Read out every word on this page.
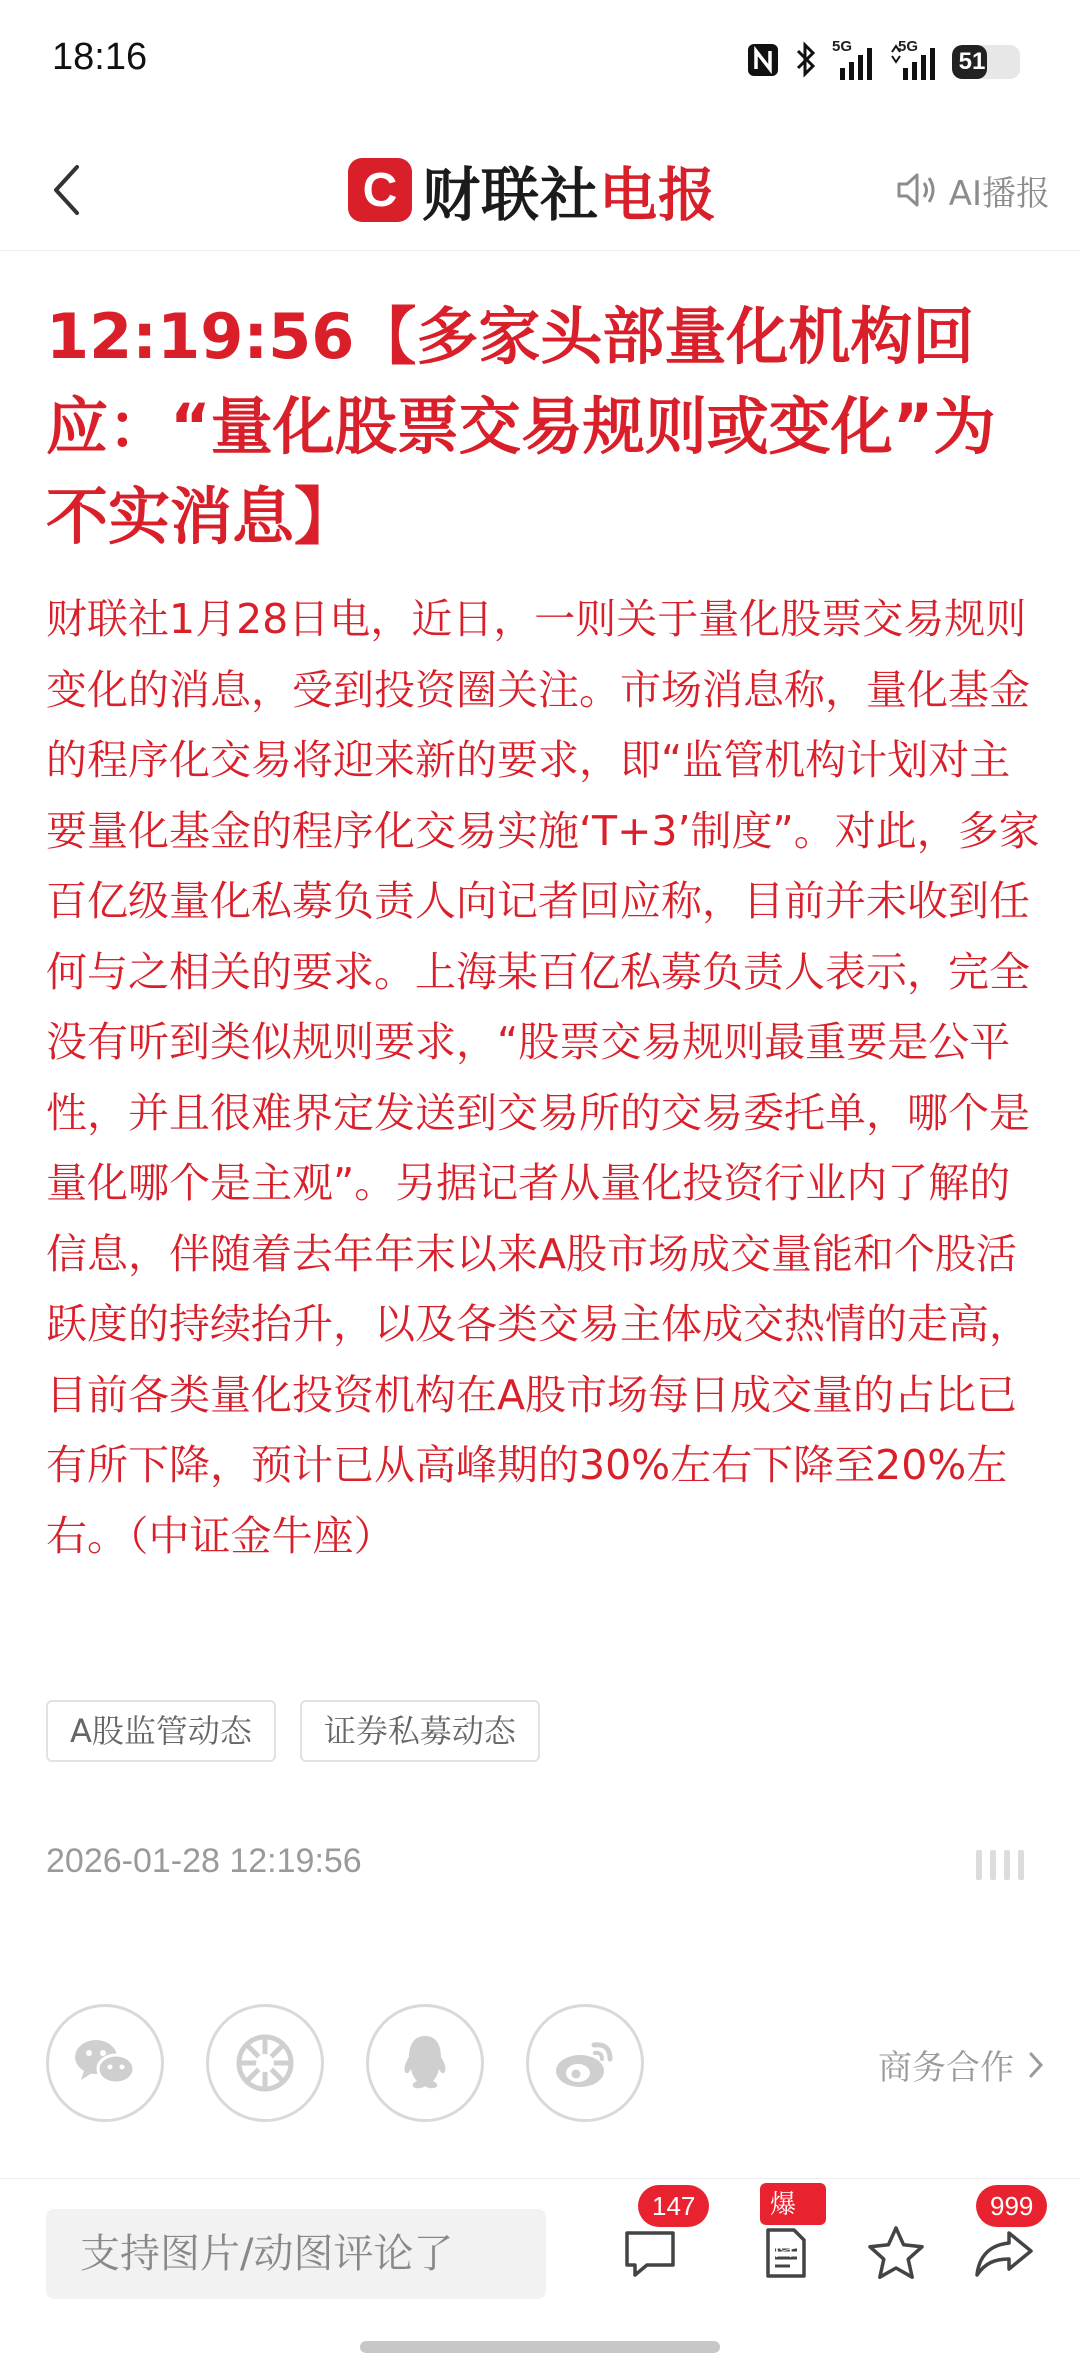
18:16	5G	5G
51
C 财联社 电报	AI播报
12:19:56【多家头部量化机构回应：“量化股票交易规则或变化”为不实消息】

财联社1月28日电，近日，一则关于量化股票交易规则变化的消息，受到投资圈关注。市场消息称，量化基金的程序化交易将迎来新的要求，即“监管机构计划对主要量化基金的程序化交易实施‘T+3’制度”。对此，多家百亿级量化私募负责人向记者回应称，目前并未收到任何与之相关的要求。上海某百亿私募负责人表示，完全没有听到类似规则要求，“股票交易规则最重要是公平性，并且很难界定发送到交易所的交易委托单，哪个是量化哪个是主观”。另据记者从量化投资行业内了解的信息，伴随着去年年末以来A股市场成交量能和个股活跃度的持续抬升，以及各类交易主体成交热情的走高，目前各类量化投资机构在A股市场每日成交量的占比已有所下降，预计已从高峰期的30%左右下降至20%左右。（中证金牛座）

A股监管动态	证券私募动态
2026-01-28 12:19:56
商务合作
支持图片/动图评论了
147	爆料
999
